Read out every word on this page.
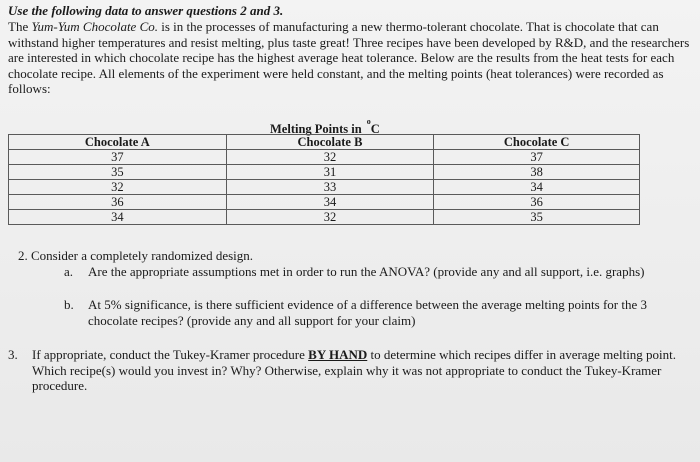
Use the following data to answer questions 2 and 3.

The Yum-Yum Chocolate Co. is in the processes of manufacturing a new thermo-tolerant chocolate. That is chocolate that can withstand higher temperatures and resist melting, plus taste great! Three recipes have been developed by R&D, and the researchers are interested in which chocolate recipe has the highest average heat tolerance. Below are the results from the heat tests for each chocolate recipe. All elements of the experiment were held constant, and the melting points (heat tolerances) were recorded as follows:

Melting Points in $^o$C
Chocolate A	Chocolate B	Chocolate C
37	32	37
35	31	38
32	33	34
36	34	36
34	32	35

2. Consider a completely randomized design.

a. Are the appropriate assumptions met in order to run the ANOVA? (provide any and all support, i.e. graphs)
b. At 5% significance, is there sufficient evidence of a difference between the average melting points for the 3 chocolate recipes? (provide any and all support for your claim)
3. If appropriate, conduct the Tukey-Kramer procedure BY HAND to determine which recipes differ in average melting point. Which recipe(s) would you invest in? Why? Otherwise, explain why it was not appropriate to conduct the Tukey-Kramer procedure.
